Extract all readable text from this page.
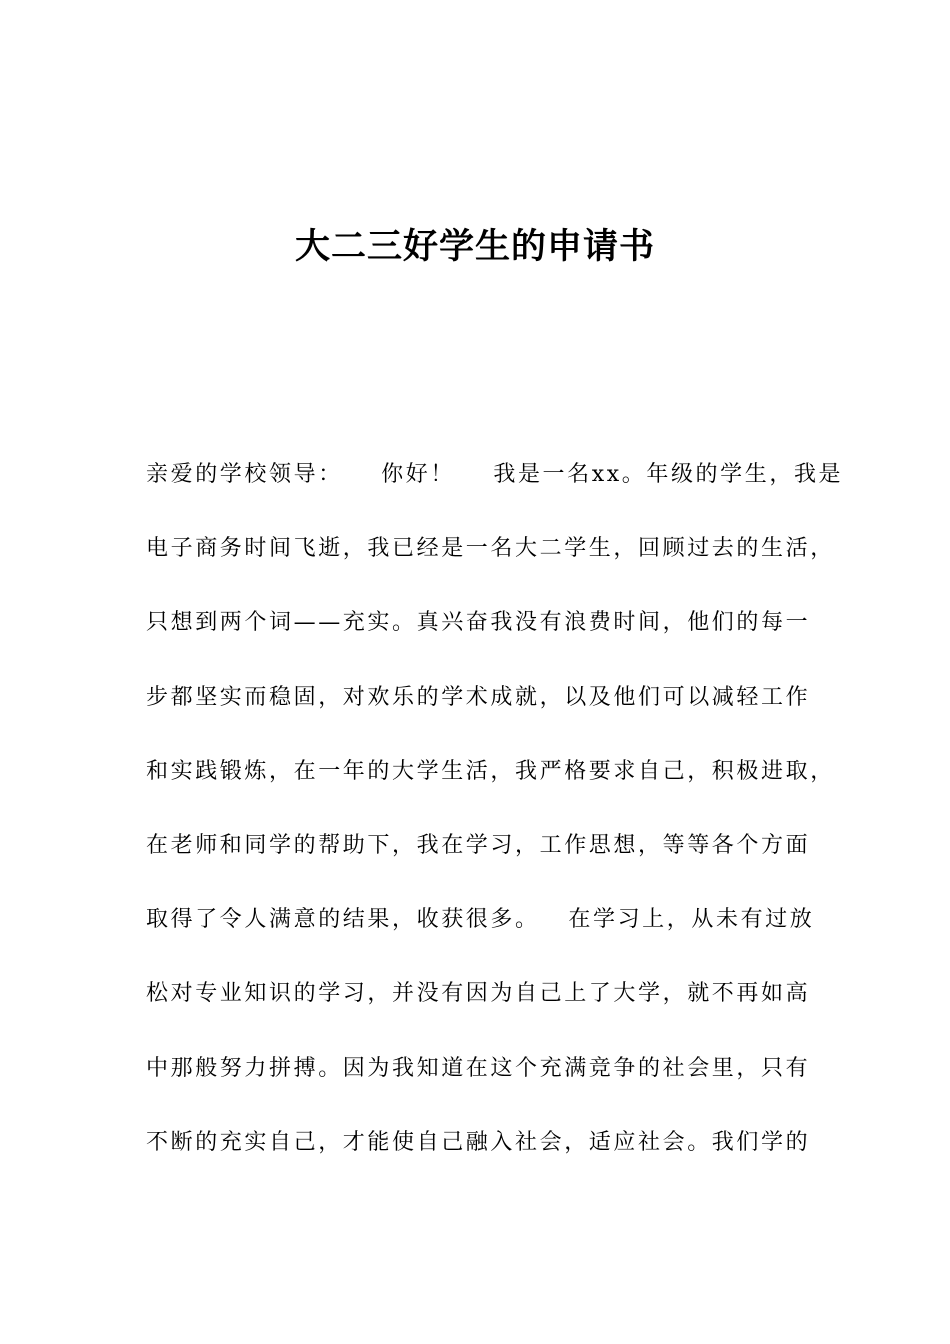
大二三好学生的申请书
亲爱的学校领导：    你好！    我是一名xx。年级的学生，我是
电子商务时间飞逝，我已经是一名大二学生，回顾过去的生活，
只想到两个词——充实。真兴奋我没有浪费时间，他们的每一
步都坚实而稳固，对欢乐的学术成就，以及他们可以减轻工作
和实践锻炼，在一年的大学生活，我严格要求自己，积极进取，
在老师和同学的帮助下，我在学习，工作思想，等等各个方面
取得了令人满意的结果，收获很多。   在学习上，从未有过放
松对专业知识的学习，并没有因为自己上了大学，就不再如高
中那般努力拼搏。因为我知道在这个充满竞争的社会里，只有
不断的充实自己，才能使自己融入社会，适应社会。我们学的
